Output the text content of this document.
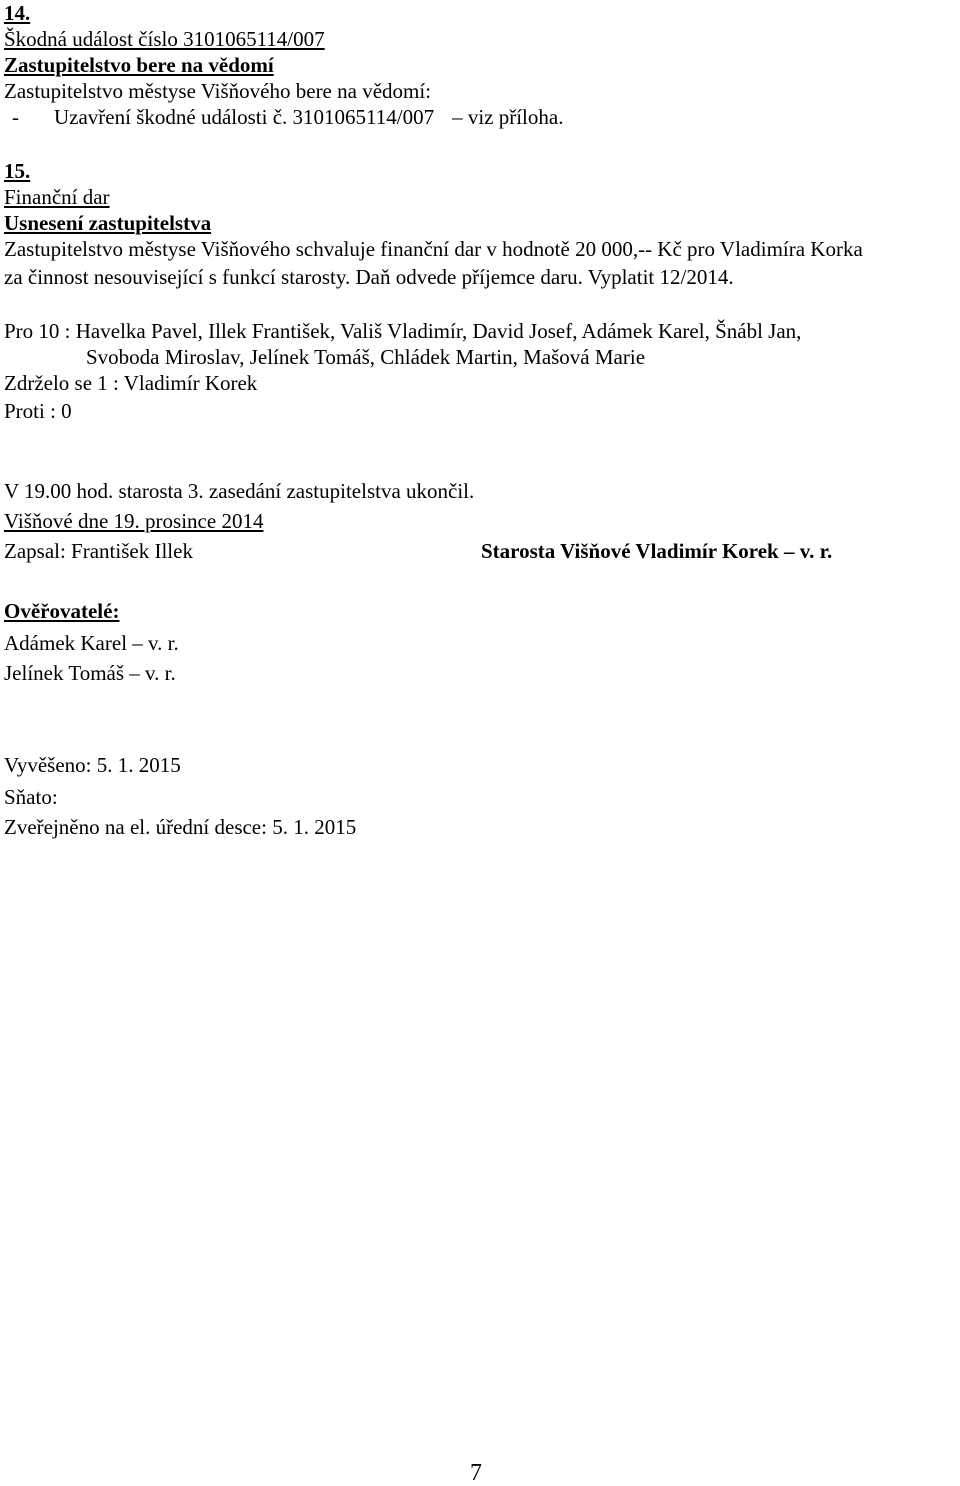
14.
Škodná událost číslo 3101065114/007
Zastupitelstvo bere na vědomí
Zastupitelstvo městyse Višňového bere na vědomí:
- Uzavření škodné události č. 3101065114/007 – viz příloha.
15.
Finanční dar
Usnesení zastupitelstva
Zastupitelstvo městyse Višňového schvaluje finanční dar v hodnotě 20 000,-- Kč pro Vladimíra Korka
za činnost nesouvisející s funkcí starosty. Daň odvede příjemce daru. Vyplatit 12/2014.
Pro 10 : Havelka Pavel, Illek František, Vališ Vladimír, David Josef, Adámek Karel, Šnábl Jan,
Svoboda Miroslav, Jelínek Tomáš, Chládek Martin, Mašová Marie
Zdrželo se 1 : Vladimír Korek
Proti : 0
V 19.00 hod. starosta 3. zasedání zastupitelstva ukončil.
Višňové dne 19. prosince 2014
Zapsal: František Illek	Starosta Višňové Vladimír Korek – v. r.
Ověřovatelé:
Adámek Karel – v. r.
Jelínek Tomáš – v. r.
Vyvěšeno: 5. 1. 2015
Sňato:
Zveřejněno na el. úřední desce: 5. 1. 2015
7
